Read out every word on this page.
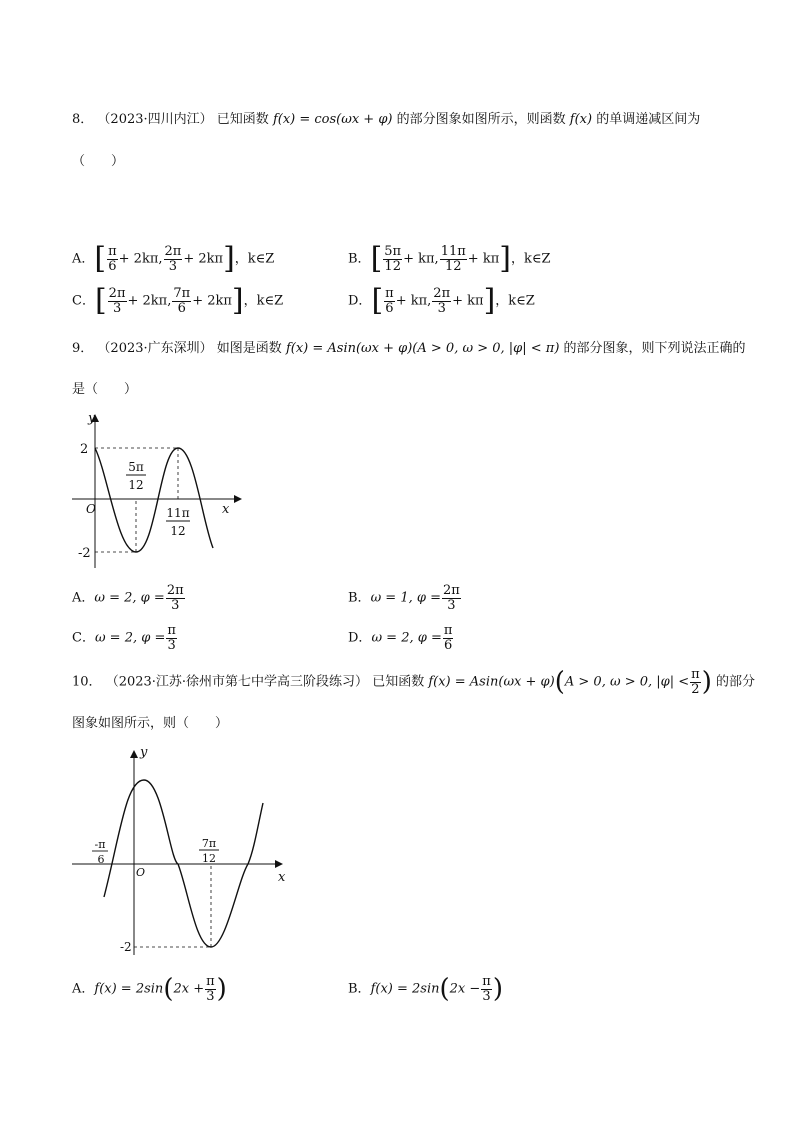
8． （2023·四川内江） 已知函数 f(x) = cos(ωx + φ) 的部分图象如图所示，则函数 f(x) 的单调递减区间为
（　　）
A．[ $\frac{\pi}{6} + 2k\pi$, $\frac{2\pi}{3} + 2k\pi$]，k∈Z	B．[ $\frac{5\pi}{12} + k\pi$, $\frac{11\pi}{12} + k\pi$]，k∈Z
C．[ $\frac{2\pi}{3} + 2k\pi$, $\frac{7\pi}{6} + 2k\pi$]，k∈Z	D．[ $\frac{\pi}{6} + k\pi$, $\frac{2\pi}{3} + k\pi$]，k∈Z
9． （2023·广东深圳） 如图是函数 f(x) = Asin(ωx + φ)(A > 0, ω > 0, |φ| < π) 的部分图象，则下列说法正确的
是（　　）
y
x
O
2
-2
5π
12
11π
12
A．ω = 2, $\varphi = \frac{2\pi}{3}$	B．ω = 1, $\varphi = \frac{2\pi}{3}$
C．ω = 2, $\varphi = \frac{\pi}{3}$	D．ω = 2, $\varphi = \frac{\pi}{6}$
10． （2023·江苏·徐州市第七中学高三阶段练习） 已知函数 f(x) = Asin(ωx + φ)(A > 0, ω > 0, $|\varphi| < \frac{\pi}{2}$ ) 的部分
图象如图所示，则（　　）
y
x
O
-2
-π
6
7π
12
A．$f(x) = 2\sin(2x + \frac{\pi}{3}$ )	B．$f(x) = 2\sin(2x - \frac{\pi}{3}$ )
